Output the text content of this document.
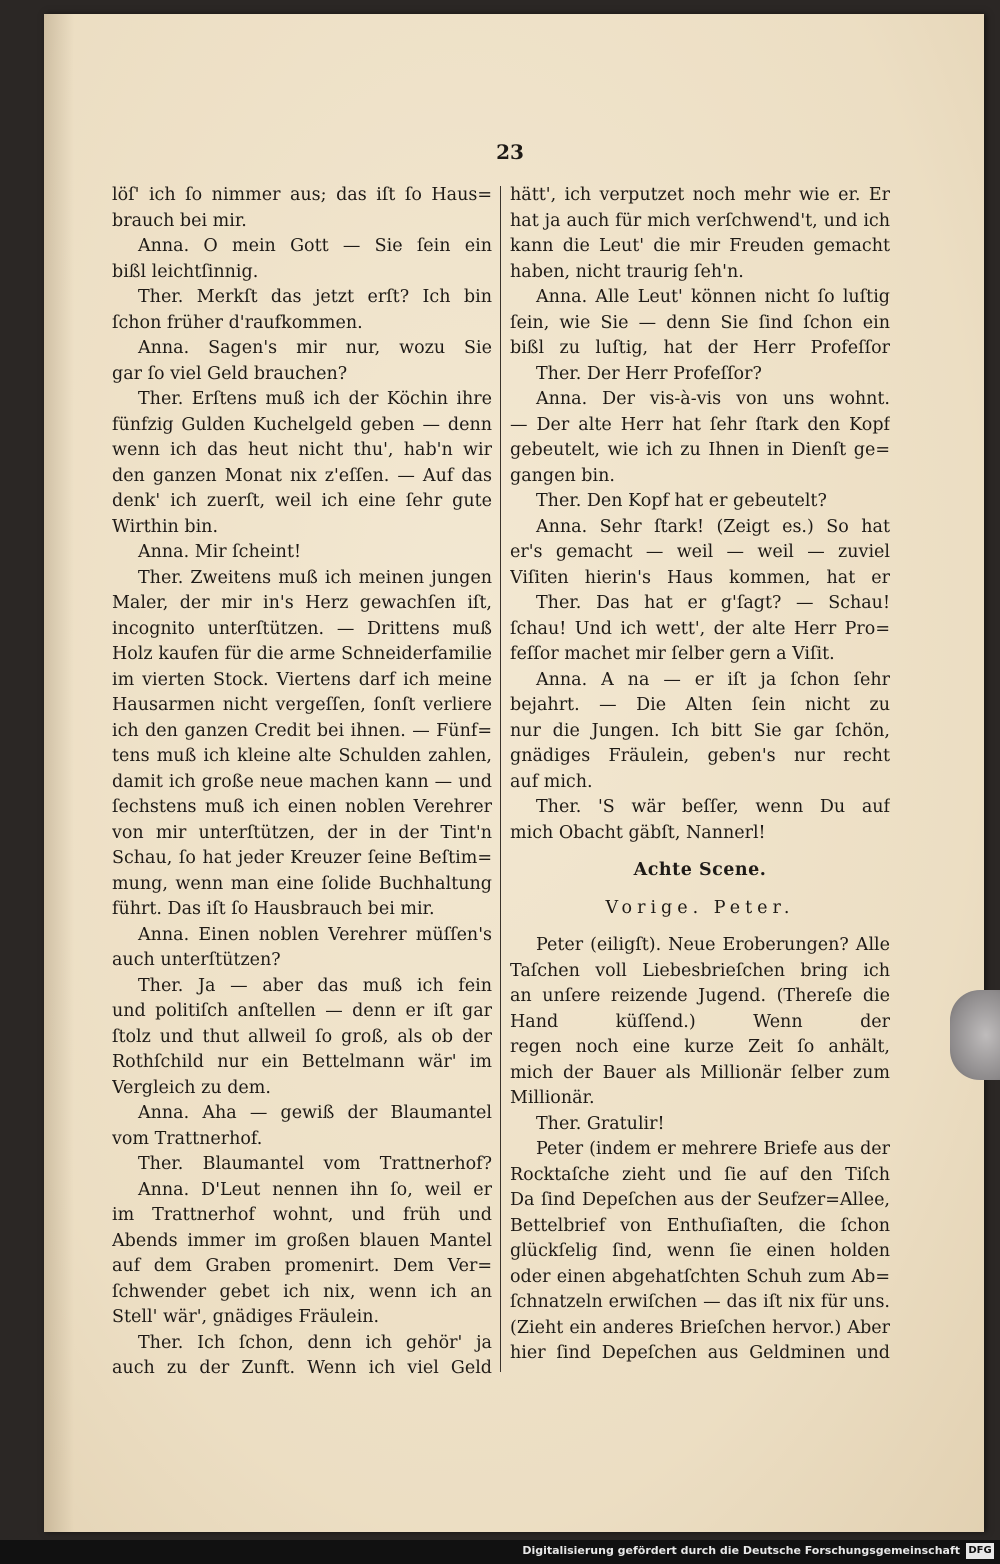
23
löſ' ich ſo nimmer aus; das iſt ſo Haus=
brauch bei mir.
Anna. O mein Gott — Sie ſein ein
bißl leichtſinnig.
Ther. Merkſt das jetzt erſt? Ich bin
ſchon früher d'raufkommen.
Anna. Sagen's mir nur, wozu Sie
gar ſo viel Geld brauchen?
Ther. Erſtens muß ich der Köchin ihre
fünfzig Gulden Kuchelgeld geben — denn
wenn ich das heut nicht thu', hab'n wir
den ganzen Monat nix z'eſſen. — Auf das
denk' ich zuerſt, weil ich eine ſehr gute
Wirthin bin.
Anna. Mir ſcheint!
Ther. Zweitens muß ich meinen jungen
Maler, der mir in's Herz gewachſen iſt,
incognito unterſtützen. — Drittens muß
Holz kaufen für die arme Schneiderfamilie
im vierten Stock. Viertens darf ich meine
Hausarmen nicht vergeſſen, ſonſt verliere
ich den ganzen Credit bei ihnen. — Fünf=
tens muß ich kleine alte Schulden zahlen,
damit ich große neue machen kann — und
ſechstens muß ich einen noblen Verehrer
von mir unterſtützen, der in der Tint'n
Schau, ſo hat jeder Kreuzer ſeine Beſtim=
mung, wenn man eine ſolide Buchhaltung
führt. Das iſt ſo Hausbrauch bei mir.
Anna. Einen noblen Verehrer müſſen's
auch unterſtützen?
Ther. Ja — aber das muß ich fein
und politiſch anſtellen — denn er iſt gar
ſtolz und thut allweil ſo groß, als ob der
Rothſchild nur ein Bettelmann wär' im
Vergleich zu dem.
Anna. Aha — gewiß der Blaumantel
vom Trattnerhof.
Ther. Blaumantel vom Trattnerhof?
Anna. D'Leut nennen ihn ſo, weil er
im Trattnerhof wohnt, und früh und
Abends immer im großen blauen Mantel
auf dem Graben promenirt. Dem Ver=
ſchwender gebet ich nix, wenn ich an
Stell' wär', gnädiges Fräulein.
Ther. Ich ſchon, denn ich gehör' ja
auch zu der Zunft. Wenn ich viel Geld
hätt', ich verputzet noch mehr wie er. Er
hat ja auch für mich verſchwend't, und ich
kann die Leut' die mir Freuden gemacht
haben, nicht traurig ſeh'n.
Anna. Alle Leut' können nicht ſo luſtig
ſein, wie Sie — denn Sie ſind ſchon ein
bißl zu luſtig, hat der Herr Profeſſor
Ther. Der Herr Profeſſor?
Anna. Der vis-à-vis von uns wohnt.
— Der alte Herr hat ſehr ſtark den Kopf
gebeutelt, wie ich zu Ihnen in Dienſt ge=
gangen bin.
Ther. Den Kopf hat er gebeutelt?
Anna. Sehr ſtark! (Zeigt es.) So hat
er's gemacht — weil — weil — zuviel
Viſiten hierin's Haus kommen, hat er
Ther. Das hat er g'ſagt? — Schau!
ſchau! Und ich wett', der alte Herr Pro=
feſſor machet mir ſelber gern a Viſit.
Anna. A na — er iſt ja ſchon ſehr
bejahrt. — Die Alten ſein nicht zu
nur die Jungen. Ich bitt Sie gar ſchön,
gnädiges Fräulein, geben's nur recht
auf mich.
Ther. 'S wär beſſer, wenn Du auf
mich Obacht gäbſt, Nannerl!
Achte Scene.
Vorige. Peter.
Peter (eiligſt). Neue Eroberungen? Alle
Taſchen voll Liebesbrieſchen bring ich
an unſere reizende Jugend. (Thereſe die
Hand küſſend.) Wenn der
regen noch eine kurze Zeit ſo anhält,
mich der Bauer als Millionär ſelber zum
Millionär.
Ther. Gratulir!
Peter (indem er mehrere Briefe aus der
Rocktaſche zieht und ſie auf den Tiſch
Da ſind Depeſchen aus der Seufzer=Allee,
Bettelbrief von Enthuſiaſten, die ſchon
glückſelig ſind, wenn ſie einen holden
oder einen abgehatſchten Schuh zum Ab=
ſchnatzeln erwiſchen — das iſt nix für uns.
(Zieht ein anderes Brieſchen hervor.) Aber
hier ſind Depeſchen aus Geldminen und
Digitalisierung gefördert durch die Deutsche Forschungsgemeinschaft DFG
